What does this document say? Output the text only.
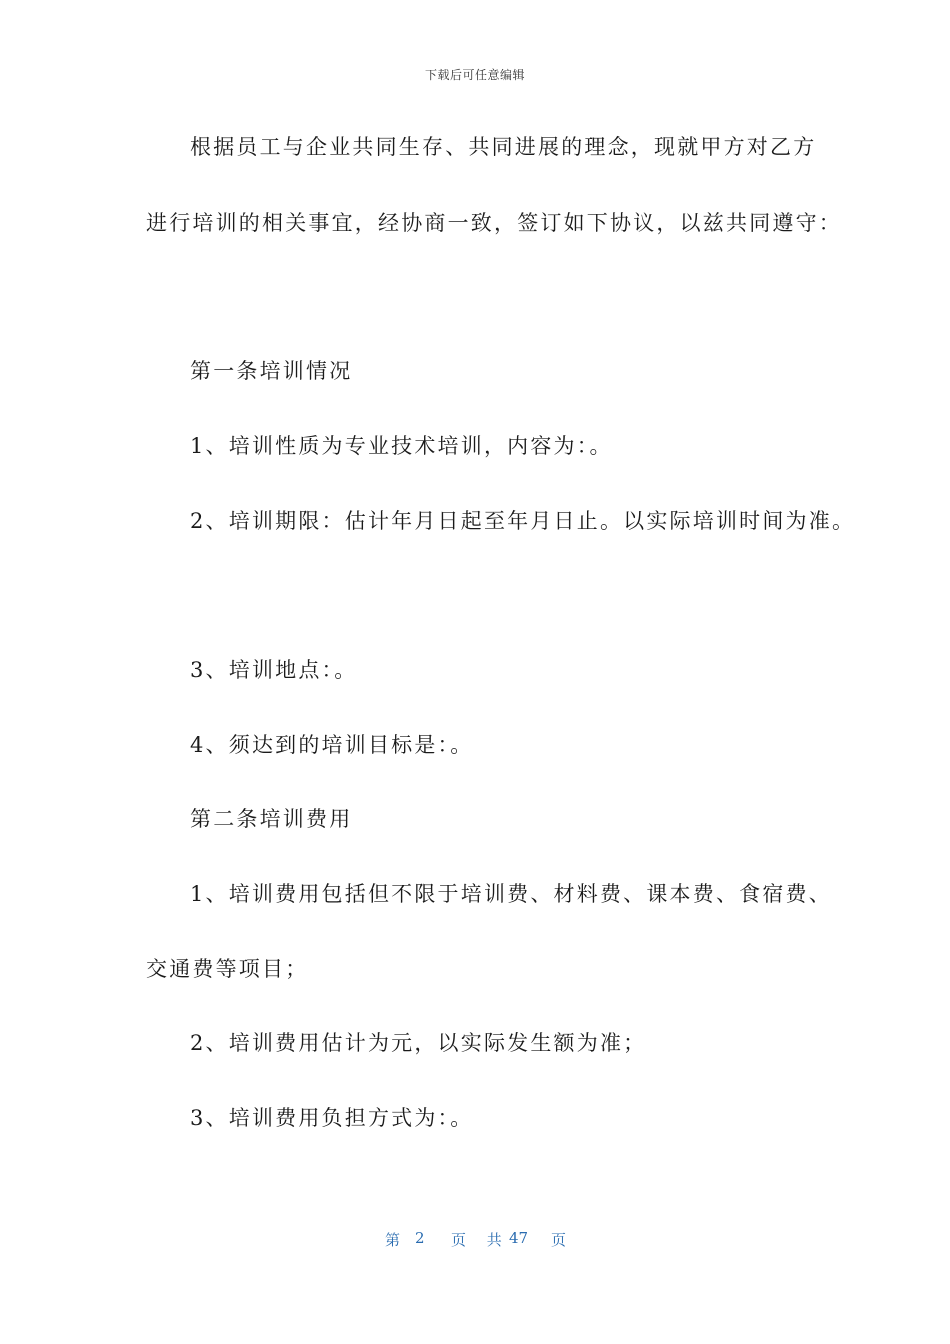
下载后可任意编辑
根据员工与企业共同生存、共同进展的理念，现就甲方对乙方
进行培训的相关事宜，经协商一致，签订如下协议，以兹共同遵守：
第一条培训情况
1、培训性质为专业技术培训，内容为：。
2、培训期限：估计年月日起至年月日止。以实际培训时间为准。
3、培训地点：。
4、须达到的培训目标是：。
第二条培训费用
1、培训费用包括但不限于培训费、材料费、课本费、食宿费、
交通费等项目；
2、培训费用估计为元，以实际发生额为准；
3、培训费用负担方式为：。
第 2 页 共 47 页
